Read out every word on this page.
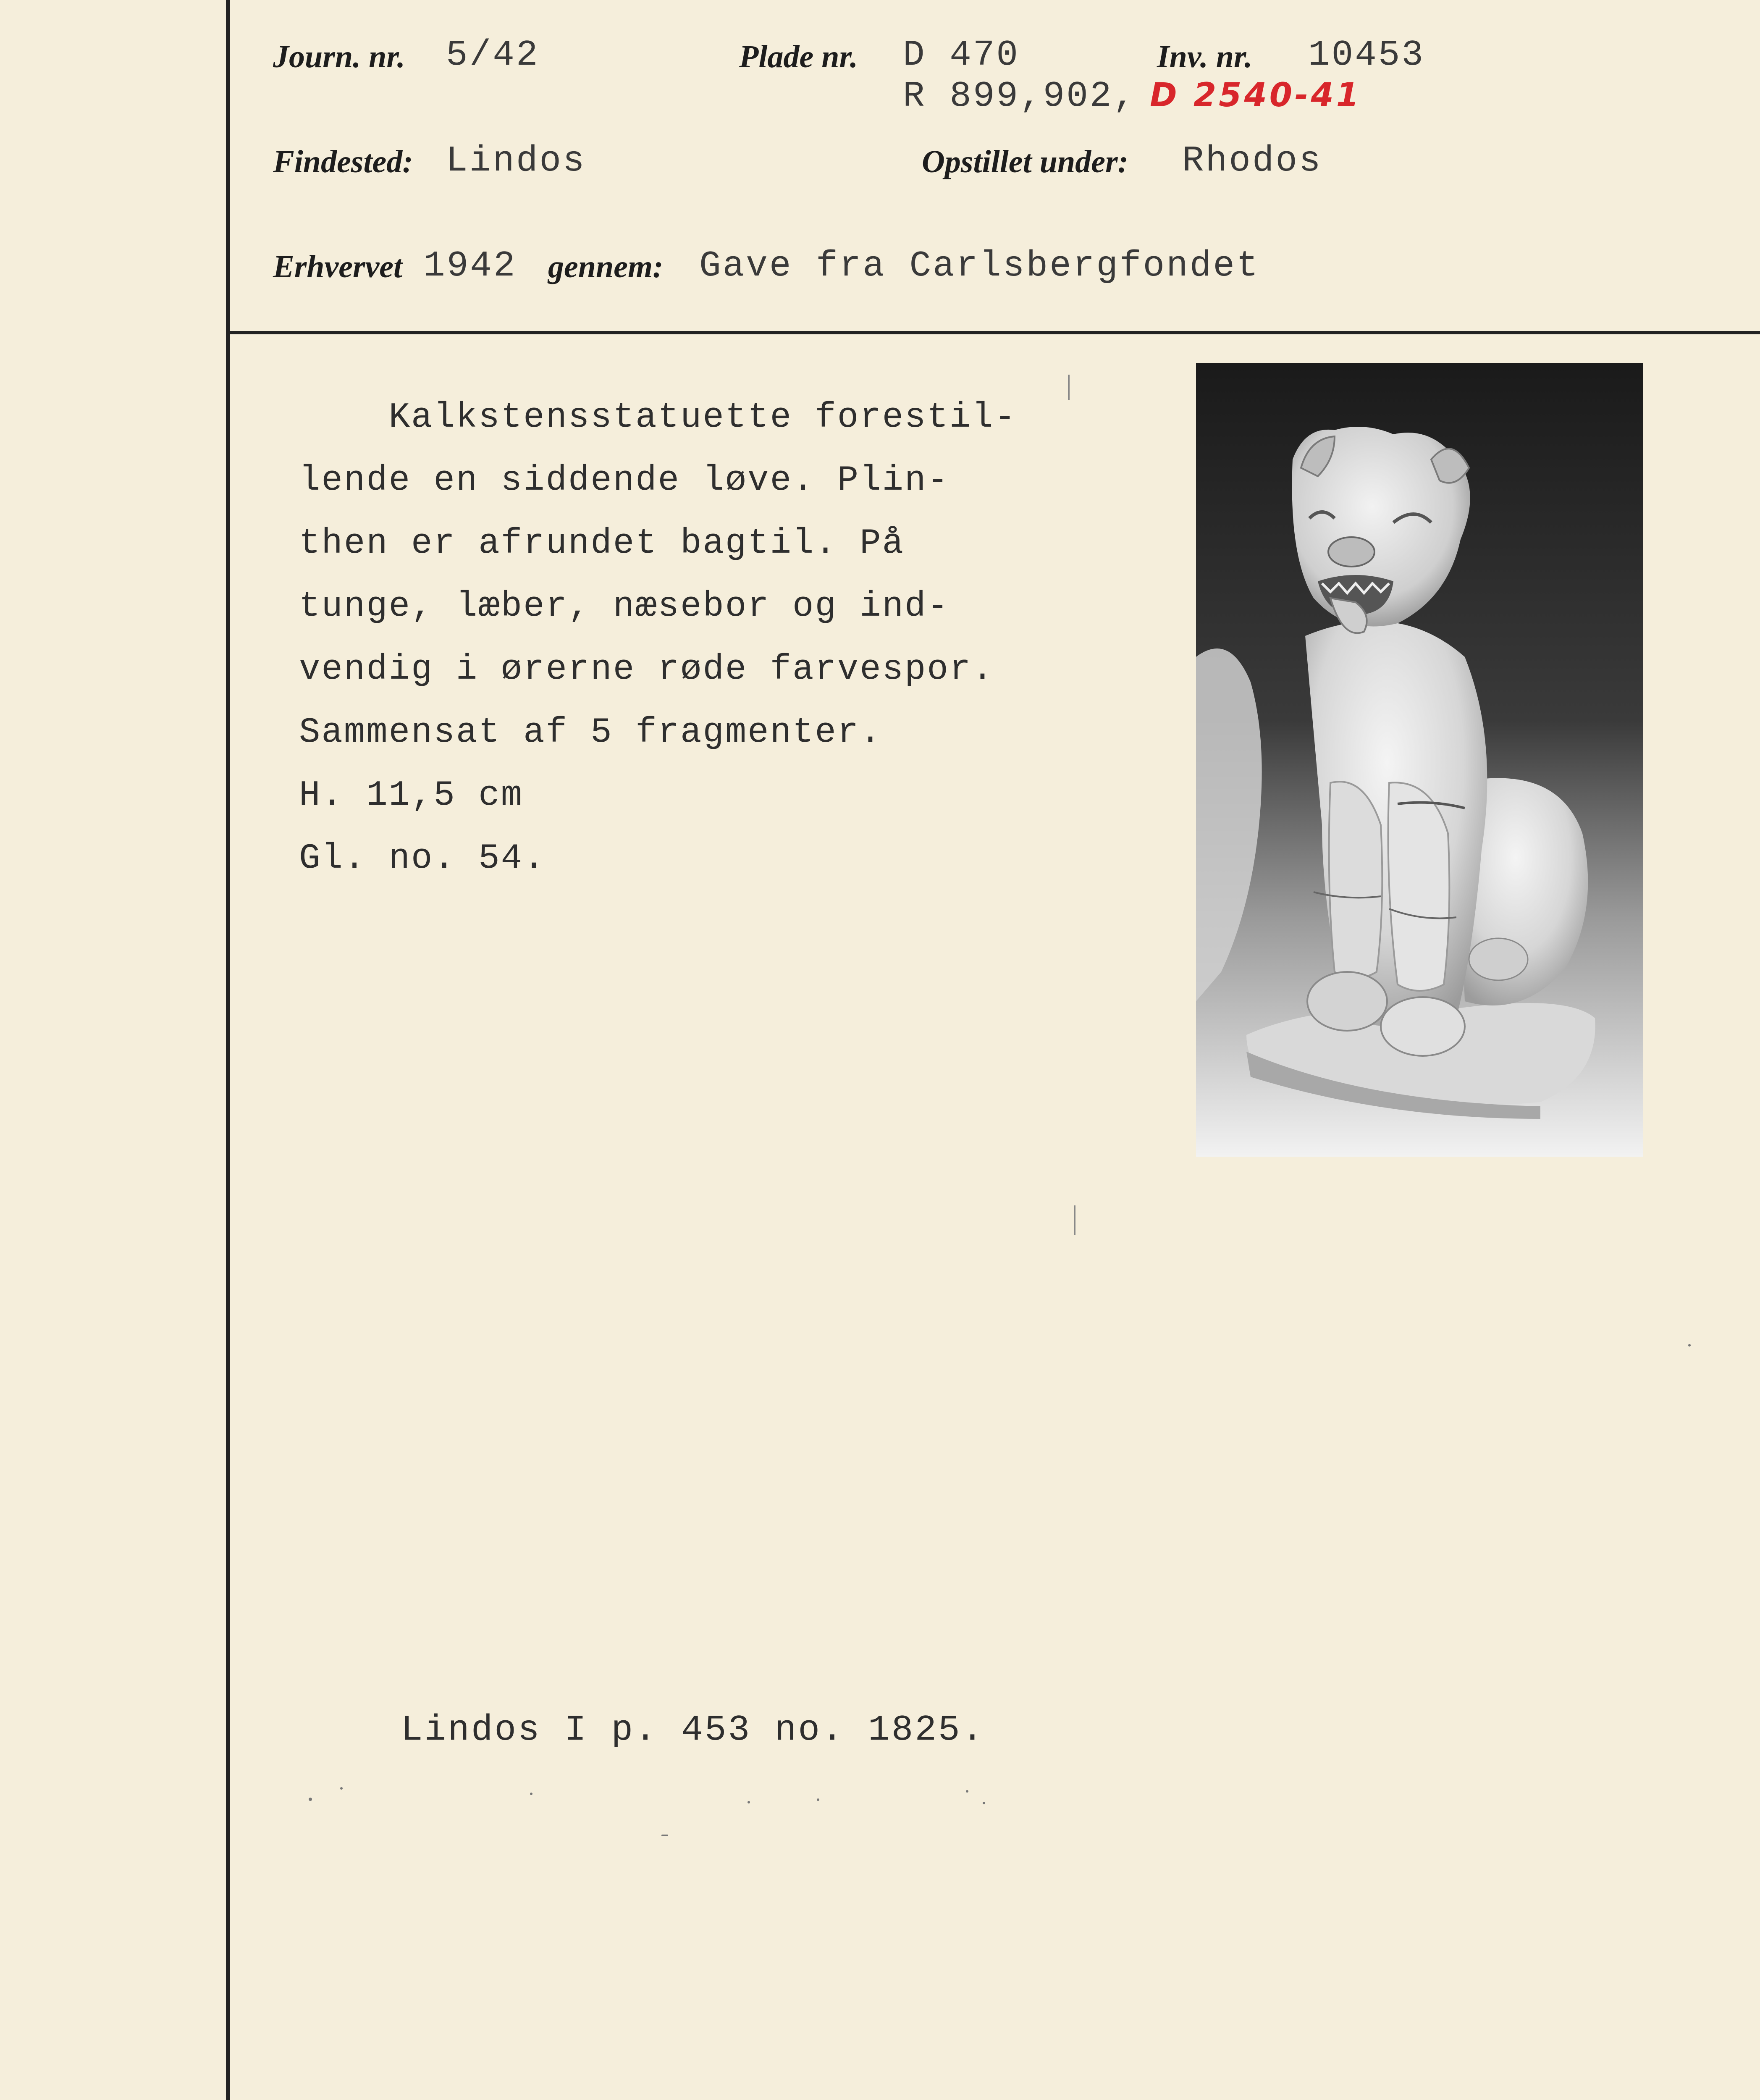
Journ. nr. 5/42	Plade nr. D 470
R 899,902, D 2540-41
Inv. nr. 10453
Findested: Lindos	Opstillet under: Rhodos
Erhvervet 1942 gennem: Gave fra Carlsbergfondet
Kalkstensstatuette forestil-
lende en siddende løve. Plin-
then er afrundet bagtil. På
tunge, læber, næsebor og ind-
vendig i ørerne røde farvespor.
Sammensat af 5 fragmenter.
H. 11,5 cm
Gl. no. 54.
Lindos I p. 453 no. 1825.
